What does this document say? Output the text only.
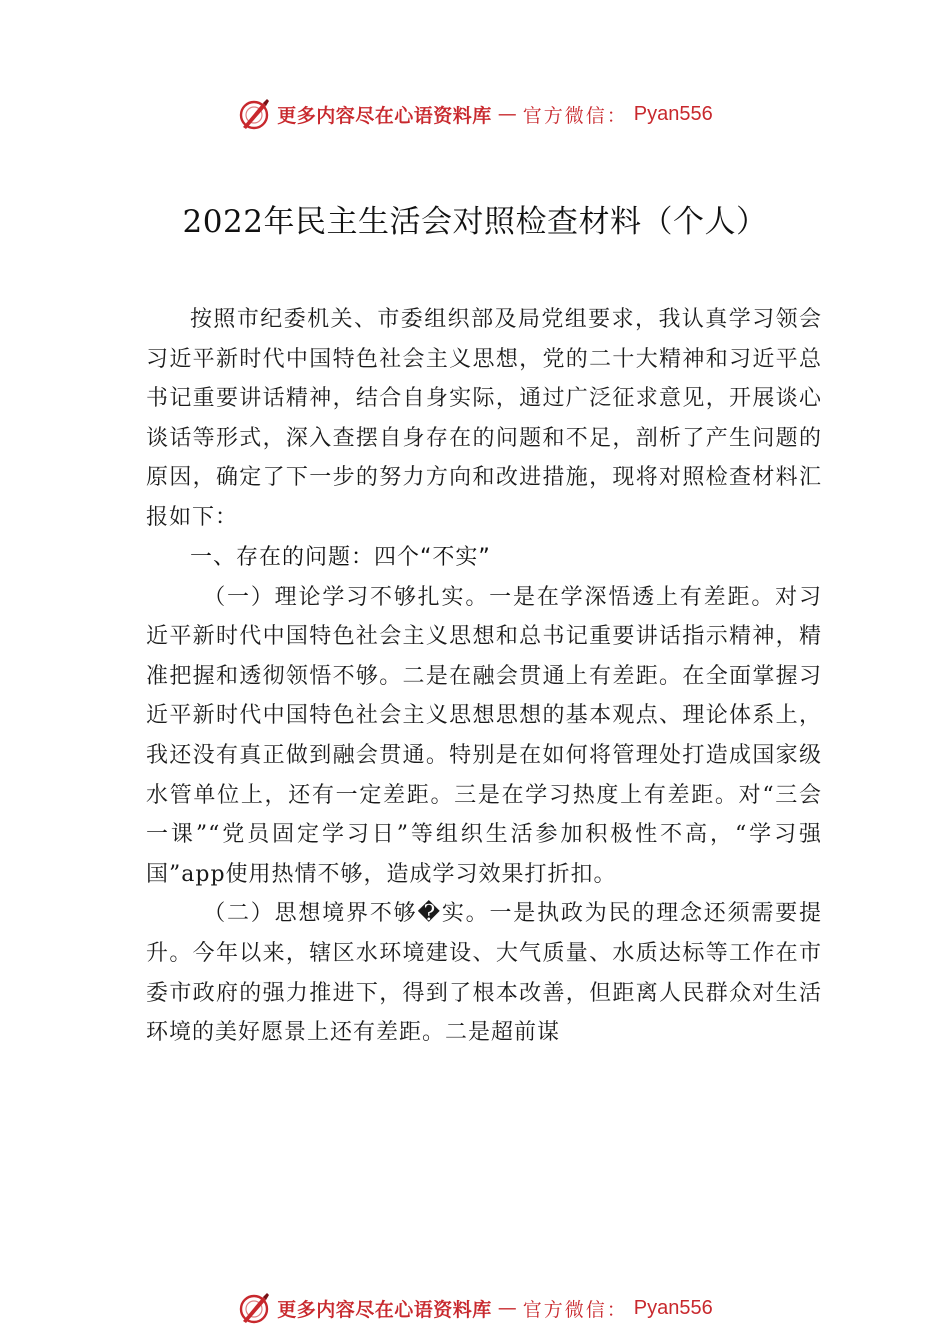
更多内容尽在心语资料库 — 官方微信： Pyan556
2022年民主生活会对照检查材料（个人）

按照市纪委机关、市委组织部及局党组要求，我认真学习领会习近平新时代中国特色社会主义思想，党的二十大精神和习近平总书记重要讲话精神，结合自身实际，通过广泛征求意见，开展谈心谈话等形式，深入查摆自身存在的问题和不足，剖析了产生问题的原因，确定了下一步的努力方向和改进措施，现将对照检查材料汇报如下：

一、存在的问题：四个“不实”

（一）理论学习不够扎实。一是在学深悟透上有差距。对习近平新时代中国特色社会主义思想和总书记重要讲话指示精神，精准把握和透彻领悟不够。二是在融会贯通上有差距。在全面掌握习近平新时代中国特色社会主义思想思想的基本观点、理论体系上，我还没有真正做到融会贯通。特别是在如何将管理处打造成国家级水管单位上，还有一定差距。三是在学习热度上有差距。对“三会一课”“党员固定学习日”等组织生活参加积极性不高，“学习强国”app使用热情不够，造成学习效果打折扣。

（二）思想境界不够�实。一是执政为民的理念还须需要提升。今年以来，辖区水环境建设、大气质量、水质达标等工作在市委市政府的强力推进下，得到了根本改善，但距离人民群众对生活环境的美好愿景上还有差距。二是超前谋

更多内容尽在心语资料库 — 官方微信： Pyan556
